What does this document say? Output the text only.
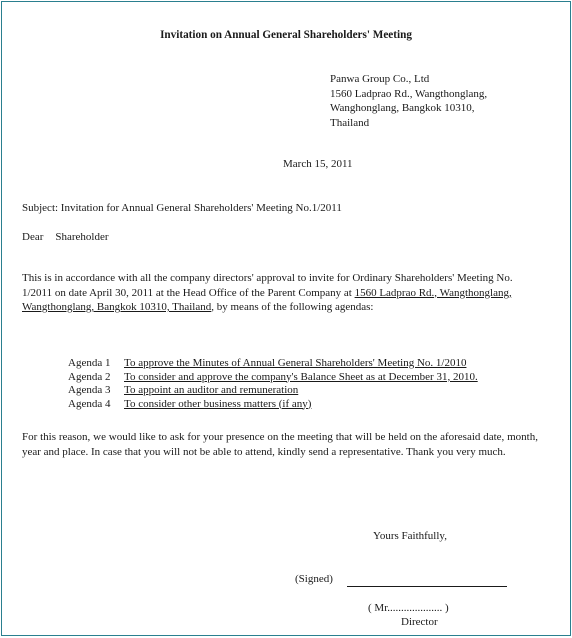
Invitation on Annual General Shareholders' Meeting
Panwa Group Co., Ltd
1560 Ladprao Rd., Wangthonglang,
Wanghonglang, Bangkok 10310,
Thailand
March 15, 2011
Subject: Invitation for Annual General Shareholders' Meeting No.1/2011
Dear Shareholder
This is in accordance with all the company directors' approval to invite for Ordinary Shareholders' Meeting No. 1/2011 on date April 30, 2011 at the Head Office of the Parent Company at 1560 Ladprao Rd., Wangthonglang, Wangthonglang, Bangkok 10310, Thailand, by means of the following agendas:
Agenda 1 To approve the Minutes of Annual General Shareholders' Meeting No. 1/2010
Agenda 2 To consider and approve the company's Balance Sheet as at December 31, 2010.
Agenda 3 To appoint an auditor and remuneration
Agenda 4 To consider other business matters (if any)
For this reason, we would like to ask for your presence on the meeting that will be held on the aforesaid date, month, year and place. In case that you will not be able to attend, kindly send a representative. Thank you very much.
Yours Faithfully,
(Signed)
( Mr.................... )
Director
